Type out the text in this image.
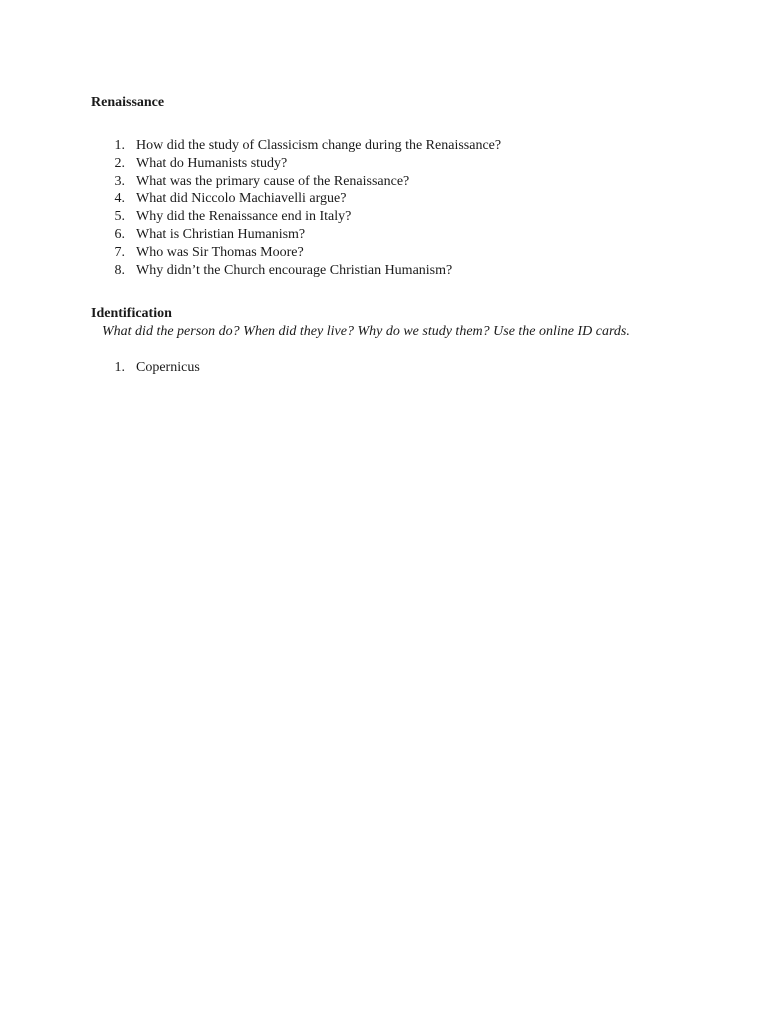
Renaissance
1. How did the study of Classicism change during the Renaissance?
2. What do Humanists study?
3. What was the primary cause of the Renaissance?
4. What did Niccolo Machiavelli argue?
5. Why did the Renaissance end in Italy?
6. What is Christian Humanism?
7. Who was Sir Thomas Moore?
8. Why didn’t the Church encourage Christian Humanism?
Identification

What did the person do? When did they live? Why do we study them? Use the online ID cards.

1. Copernicus
